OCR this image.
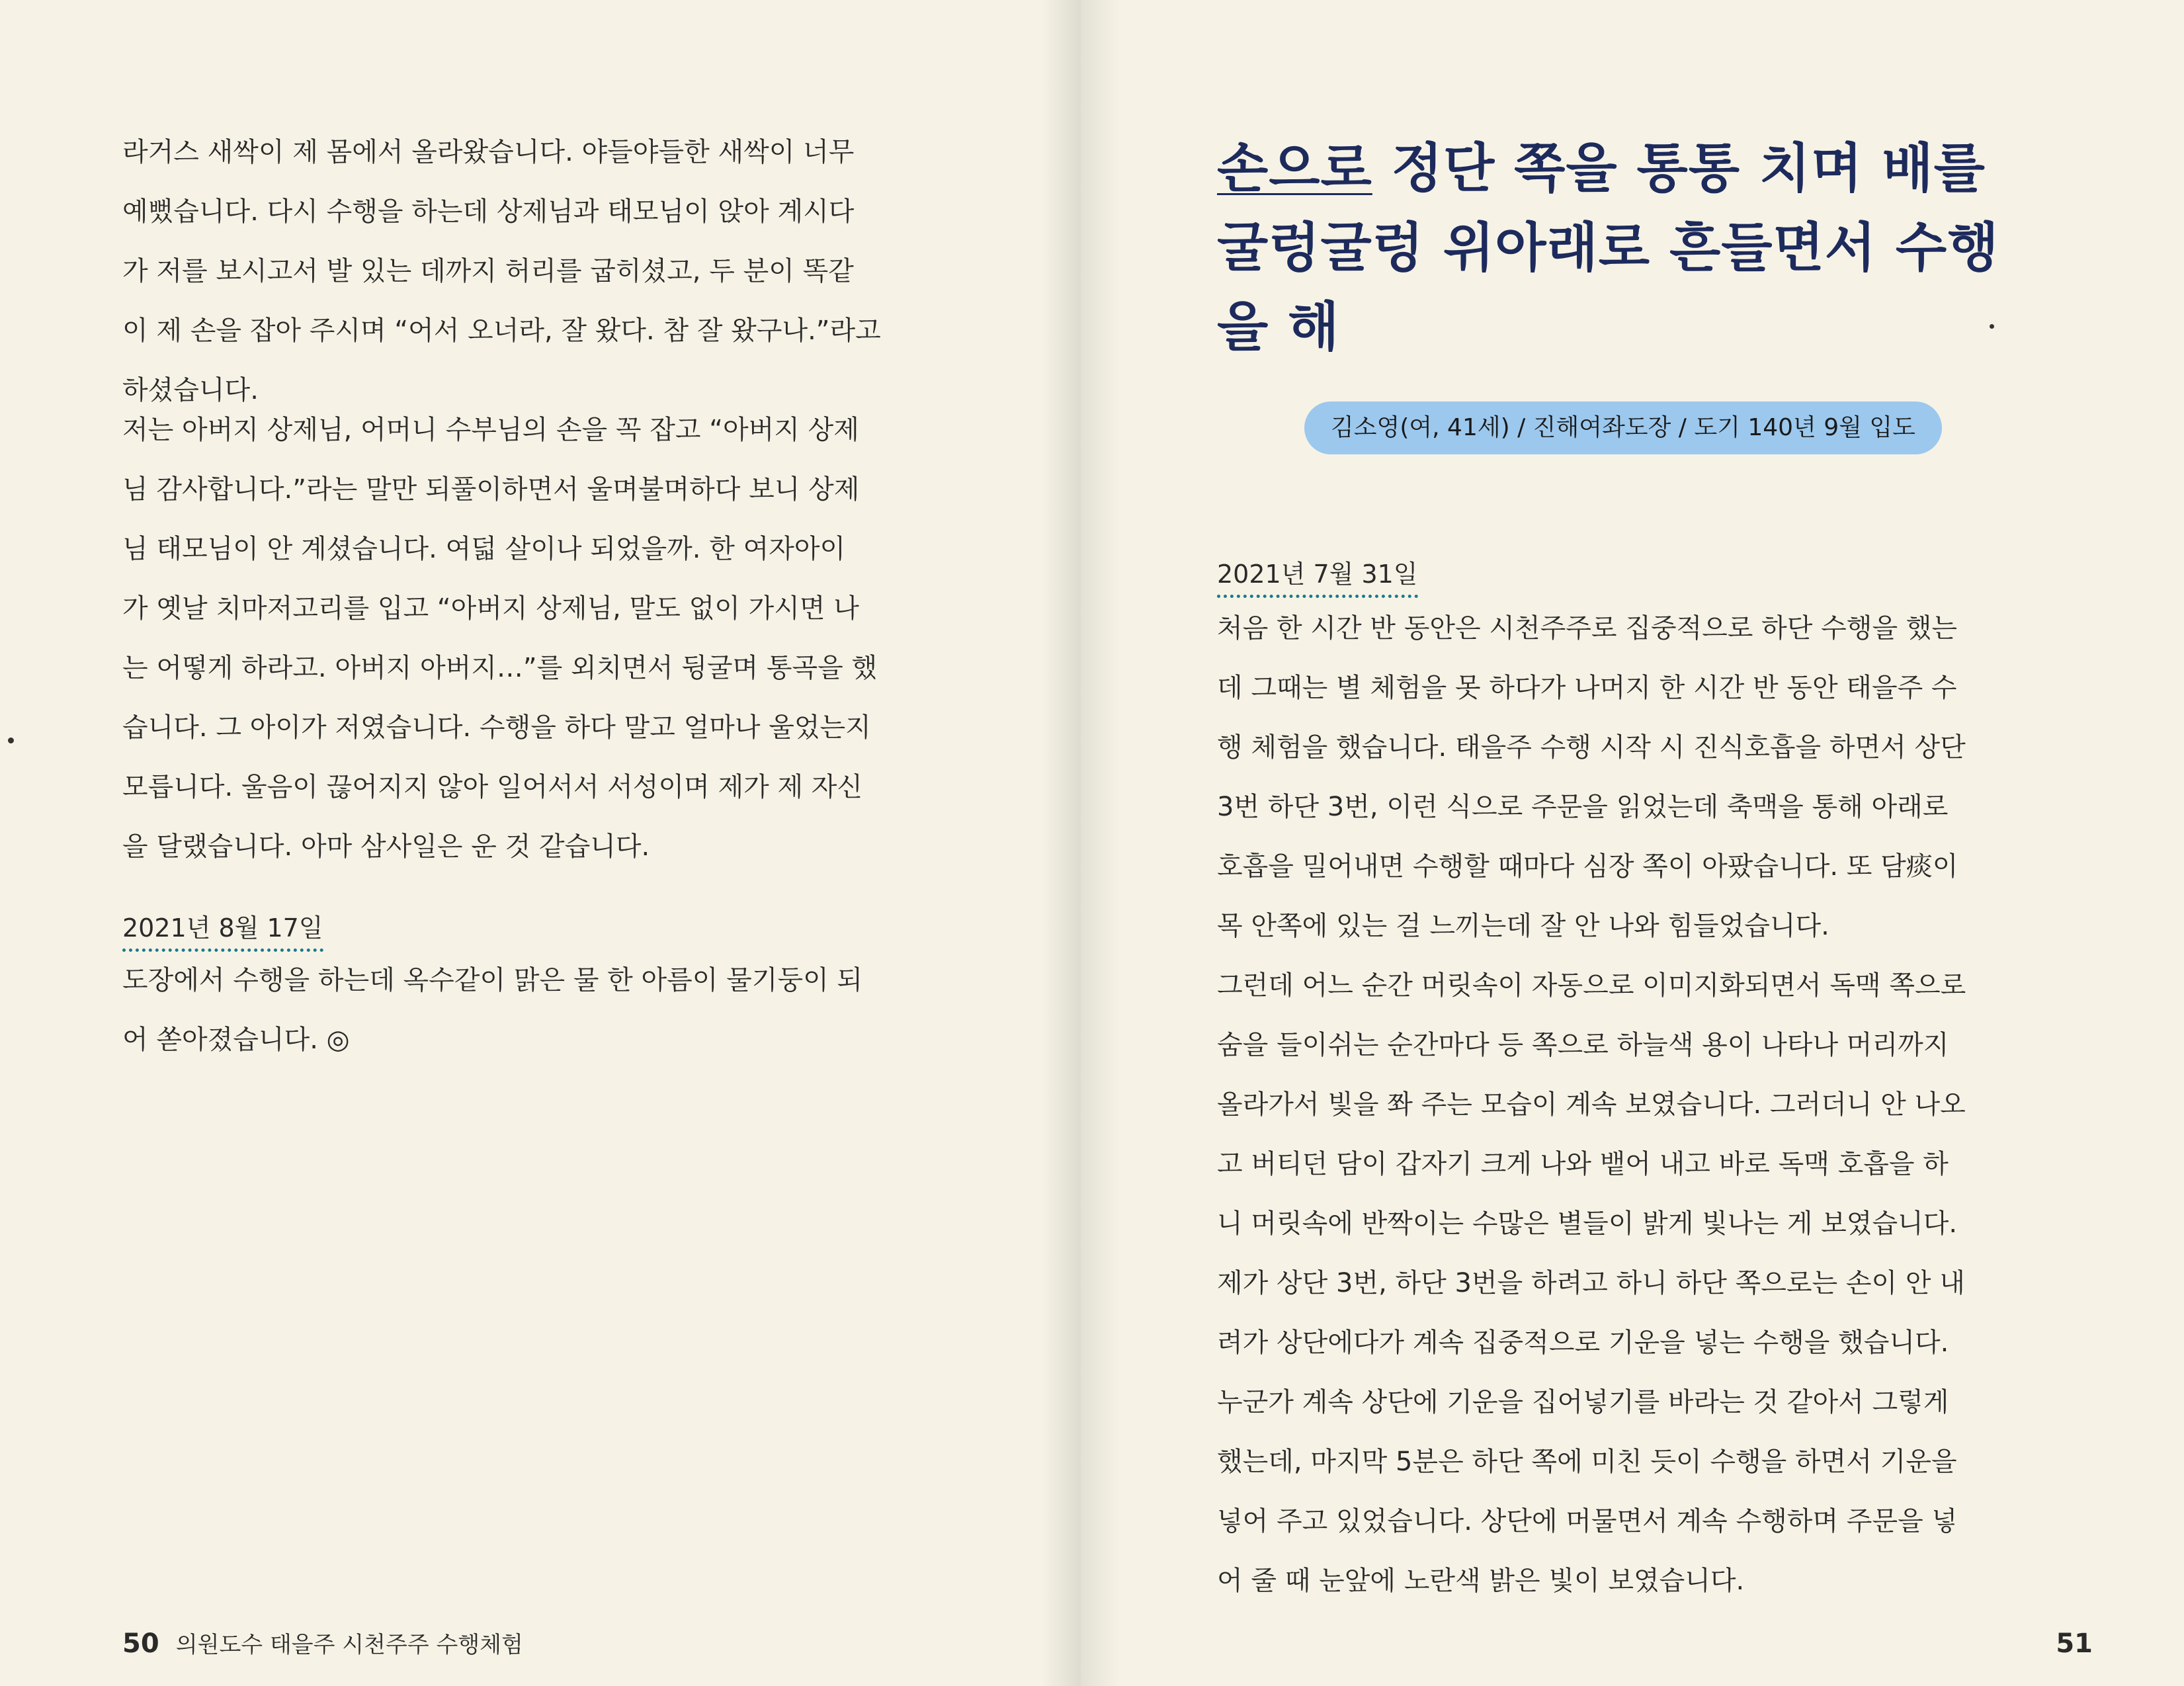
라거스 새싹이 제 몸에서 올라왔습니다. 야들야들한 새싹이 너무
예뻤습니다. 다시 수행을 하는데 상제님과 태모님이 앉아 계시다
가 저를 보시고서 발 있는 데까지 허리를 굽히셨고, 두 분이 똑같
이 제 손을 잡아 주시며 “어서 오너라, 잘 왔다. 참 잘 왔구나.”라고
하셨습니다.

저는 아버지 상제님, 어머니 수부님의 손을 꼭 잡고 “아버지 상제
님 감사합니다.”라는 말만 되풀이하면서 울며불며하다 보니 상제
님 태모님이 안 계셨습니다. 여덟 살이나 되었을까. 한 여자아이
가 옛날 치마저고리를 입고 “아버지 상제님, 말도 없이 가시면 나
는 어떻게 하라고. 아버지 아버지…”를 외치면서 뒹굴며 통곡을 했
습니다. 그 아이가 저였습니다. 수행을 하다 말고 얼마나 울었는지
모릅니다. 울음이 끊어지지 않아 일어서서 서성이며 제가 제 자신
을 달랬습니다. 아마 삼사일은 운 것 같습니다.

2021년 8월 17일

도장에서 수행을 하는데 옥수같이 맑은 물 한 아름이 물기둥이 되
어 쏟아졌습니다. ◎

50 의원도수 태을주 시천주주 수행체험

손으로 정단 쪽을 통통 치며 배를
굴렁굴렁 위아래로 흔들면서 수행
을 해

2021년 7월 31일

처음 한 시간 반 동안은 시천주주로 집중적으로 하단 수행을 했는
데 그때는 별 체험을 못 하다가 나머지 한 시간 반 동안 태을주 수
행 체험을 했습니다. 태을주 수행 시작 시 진식호흡을 하면서 상단
3번 하단 3번, 이런 식으로 주문을 읽었는데 축맥을 통해 아래로
호흡을 밀어내면 수행할 때마다 심장 쪽이 아팠습니다. 또 담痰이
목 안쪽에 있는 걸 느끼는데 잘 안 나와 힘들었습니다.

그런데 어느 순간 머릿속이 자동으로 이미지화되면서 독맥 쪽으로
숨을 들이쉬는 순간마다 등 쪽으로 하늘색 용이 나타나 머리까지
올라가서 빛을 쫘 주는 모습이 계속 보였습니다. 그러더니 안 나오
고 버티던 담이 갑자기 크게 나와 뱉어 내고 바로 독맥 호흡을 하
니 머릿속에 반짝이는 수많은 별들이 밝게 빛나는 게 보였습니다.

제가 상단 3번, 하단 3번을 하려고 하니 하단 쪽으로는 손이 안 내
려가 상단에다가 계속 집중적으로 기운을 넣는 수행을 했습니다.
누군가 계속 상단에 기운을 집어넣기를 바라는 것 같아서 그렇게
했는데, 마지막 5분은 하단 쪽에 미친 듯이 수행을 하면서 기운을
넣어 주고 있었습니다. 상단에 머물면서 계속 수행하며 주문을 넣
어 줄 때 눈앞에 노란색 밝은 빛이 보였습니다.

51

김소영(여, 41세) / 진해여좌도장 / 도기 140년 9월 입도
